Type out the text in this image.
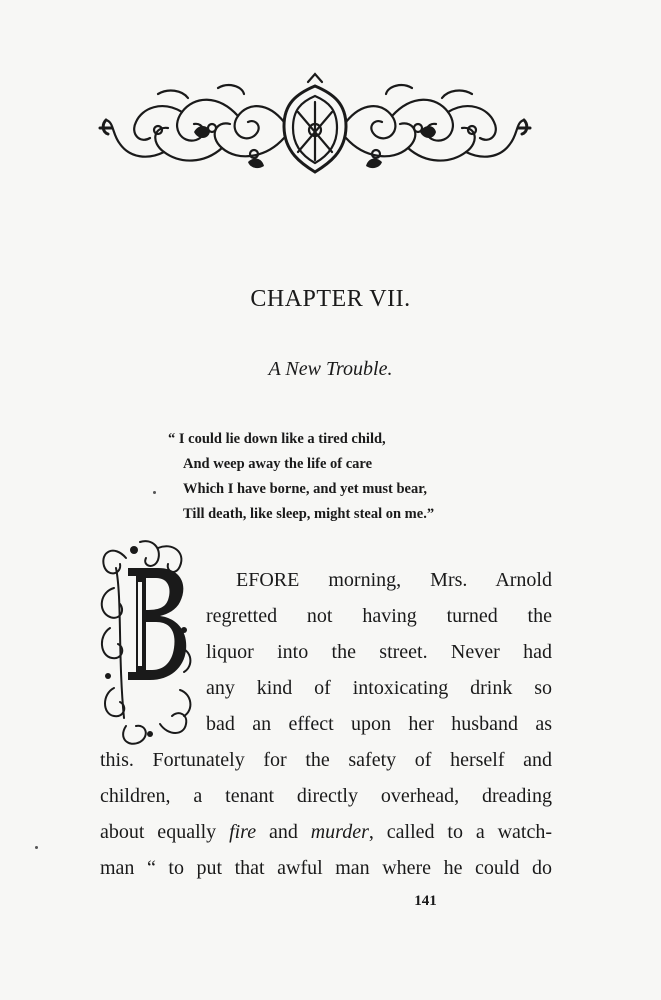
CHAPTER VII.
A New Trouble.
“ I could lie down like a tired child,
And weep away the life of care
Which I have borne, and yet must bear,
Till death, like sleep, might steal on me.”
EFORE morning, Mrs. Arnold
regretted not having turned the
liquor into the street. Never had
any kind of intoxicating drink so
bad an effect upon her husband as
this. Fortunately for the safety of herself and
children, a tenant directly overhead, dreading
about equally fire and murder, called to a watch-
man “ to put that awful man where he could do
141
